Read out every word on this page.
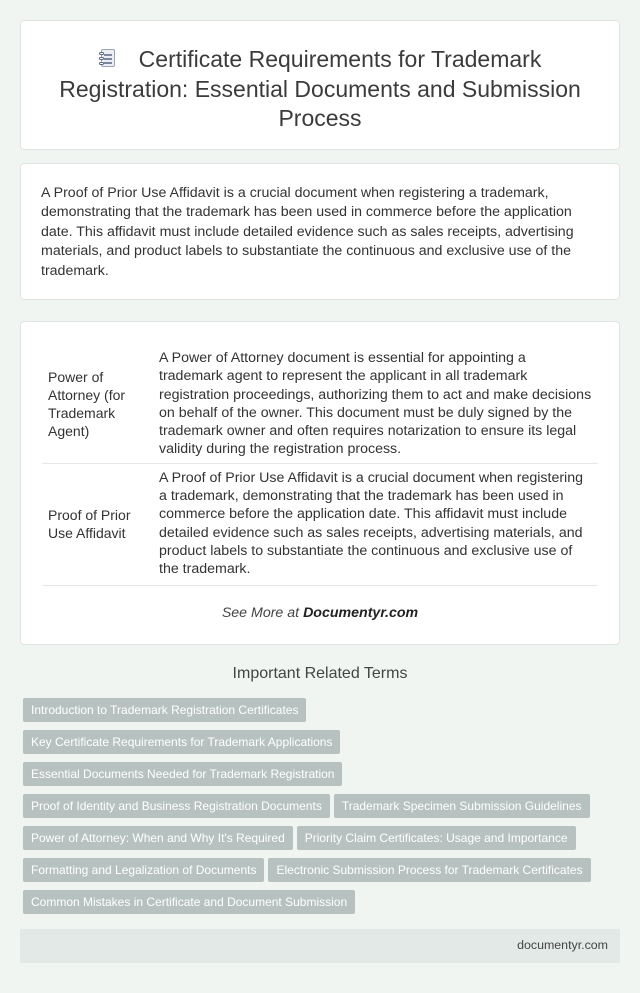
Certificate Requirements for Trademark Registration: Essential Documents and Submission Process

A Proof of Prior Use Affidavit is a crucial document when registering a trademark, demonstrating that the trademark has been used in commerce before the application date. This affidavit must include detailed evidence such as sales receipts, advertising materials, and product labels to substantiate the continuous and exclusive use of the trademark.

Power of Attorney (for Trademark Agent)	A Power of Attorney document is essential for appointing a trademark agent to represent the applicant in all trademark registration proceedings, authorizing them to act and make decisions on behalf of the owner. This document must be duly signed by the trademark owner and often requires notarization to ensure its legal validity during the registration process.
Proof of Prior Use Affidavit	A Proof of Prior Use Affidavit is a crucial document when registering a trademark, demonstrating that the trademark has been used in commerce before the application date. This affidavit must include detailed evidence such as sales receipts, advertising materials, and product labels to substantiate the continuous and exclusive use of the trademark.
See More at Documentyr.com
Important Related Terms
Introduction to Trademark Registration Certificates
Key Certificate Requirements for Trademark Applications
Essential Documents Needed for Trademark Registration
Proof of Identity and Business Registration Documents Trademark Specimen Submission Guidelines
Power of Attorney: When and Why It's Required Priority Claim Certificates: Usage and Importance
Formatting and Legalization of Documents Electronic Submission Process for Trademark Certificates
Common Mistakes in Certificate and Document Submission
documentyr.com
